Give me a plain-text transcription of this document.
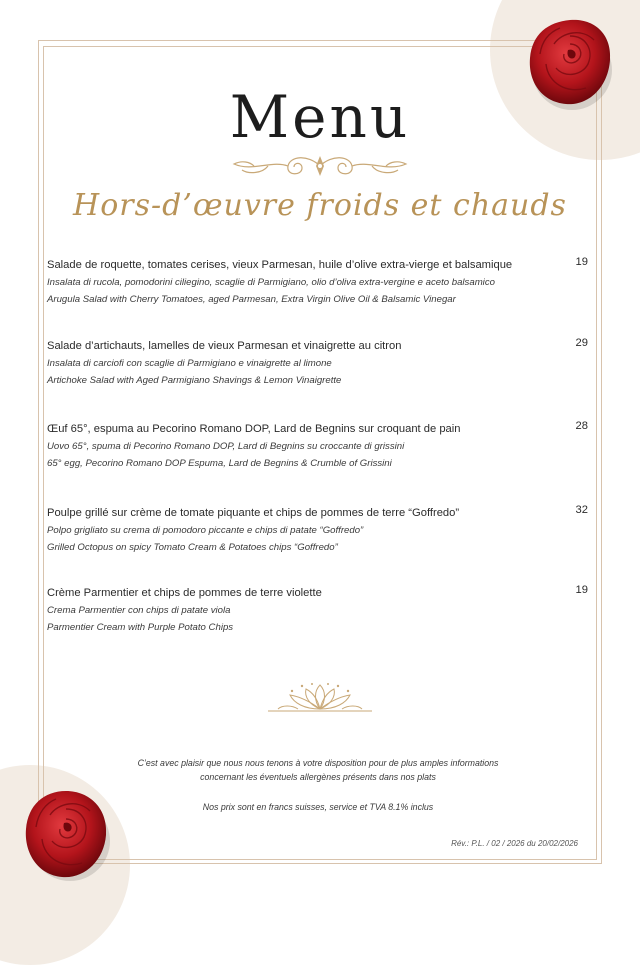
Menu
Hors-d’œuvre froids et chauds
Salade de roquette, tomates cerises, vieux Parmesan, huile d’olive extra-vierge et balsamique
Insalata di rucola, pomodorini ciliegino, scaglie di Parmigiano, olio d’oliva extra-vergine e aceto balsamico
Arugula Salad with Cherry Tomatoes, aged Parmesan, Extra Virgin Olive Oil & Balsamic Vinegar
19
Salade d’artichauts, lamelles de vieux Parmesan et vinaigrette au citron
Insalata di carciofi con scaglie di Parmigiano e vinaigrette al limone
Artichoke Salad with Aged Parmigiano Shavings & Lemon Vinaigrette
29
Œuf 65°, espuma au Pecorino Romano DOP, Lard de Begnins sur croquant de pain
Uovo 65°, spuma di Pecorino Romano DOP, Lard di Begnins su croccante di grissini
65° egg, Pecorino Romano DOP Espuma, Lard de Begnins & Crumble of Grissini
28
Poulpe grillé sur crème de tomate piquante et chips de pommes de terre “Goffredo”
Polpo grigliato su crema di pomodoro piccante e chips di patate “Goffredo”
Grilled Octopus on spicy Tomato Cream & Potatoes chips “Goffredo”
32
Crème Parmentier et chips de pommes de terre violette
Crema Parmentier con chips di patate viola
Parmentier Cream with Purple Potato Chips
19
C’est avec plaisir que nous nous tenons à votre disposition pour de plus amples informations
concernant les éventuels allergènes présents dans nos plats
Nos prix sont en francs suisses, service et TVA 8.1% inclus
Rév.: P.L. / 02 / 2026 du 20/02/2026
